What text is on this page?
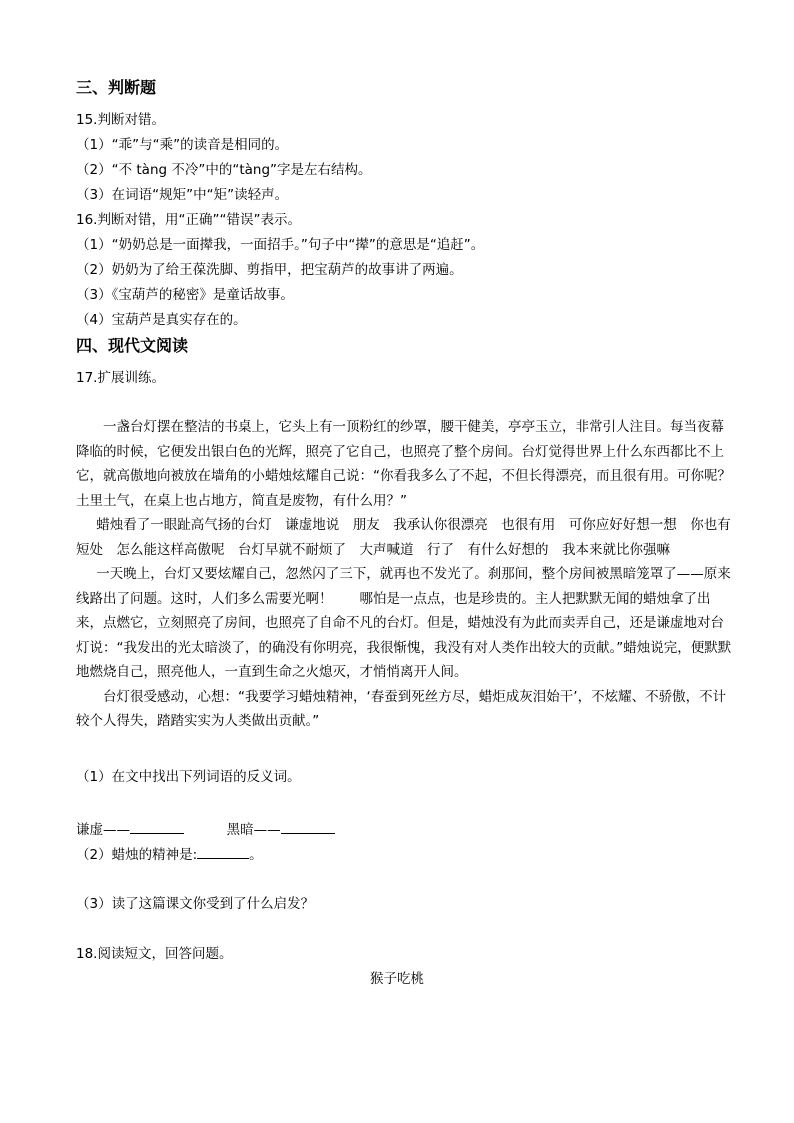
三、判断题
15.判断对错。
（1）“乖”与“乘”的读音是相同的。
（2）“不 tàng 不冷”中的“tàng”字是左右结构。
（3）在词语“规矩”中“矩”读轻声。
16.判断对错，用“正确”“错误”表示。
（1）“奶奶总是一面撵我，一面招手。”句子中“撵”的意思是“追赶”。
（2）奶奶为了给王葆洗脚、剪指甲，把宝葫芦的故事讲了两遍。
（3）《宝葫芦的秘密》是童话故事。
（4）宝葫芦是真实存在的。
四、现代文阅读
17.扩展训练。

一盏台灯摆在整洁的书桌上，它头上有一顶粉红的纱罩，腰干健美，亭亭玉立，非常引人注目。每当夜幕降临的时候，它便发出银白色的光辉，照亮了它自己，也照亮了整个房间。台灯觉得世界上什么东西都比不上它，就高傲地向被放在墙角的小蜡烛炫耀自己说：“你看我多么了不起，不但长得漂亮，而且很有用。可你呢？土里土气，在桌上也占地方，简直是废物，有什么用？”

蜡烛看了一眼趾高气扬的台灯　谦虚地说　朋友　我承认你很漂亮　也很有用　可你应好好想一想　你也有短处　怎么能这样高傲呢　台灯早就不耐烦了　大声喊道　行了　有什么好想的　我本来就比你强嘛

一天晚上，台灯又要炫耀自己，忽然闪了三下，就再也不发光了。刹那间，整个房间被黑暗笼罩了——原来线路出了问题。这时，人们多么需要光啊！　　哪怕是一点点，也是珍贵的。主人把默默无闻的蜡烛拿了出来，点燃它，立刻照亮了房间，也照亮了自命不凡的台灯。但是，蜡烛没有为此而卖弄自己，还是谦虚地对台灯说：“我发出的光太暗淡了，的确没有你明亮，我很惭愧，我没有对人类作出较大的贡献。”蜡烛说完，便默默地燃烧自己，照亮他人，一直到生命之火熄灭，才悄悄离开人间。

台灯很受感动，心想：“我要学习蜡烛精神，‘春蚕到死丝方尽，蜡炬成灰泪始干’，不炫耀、不骄傲，不计较个人得失，踏踏实实为人类做出贡献。”

（1）在文中找出下列词语的反义词。
谦虚——	黑暗——
（2）蜡烛的精神是:	。
（3）读了这篇课文你受到了什么启发？
18.阅读短文，回答问题。
猴子吃桃
